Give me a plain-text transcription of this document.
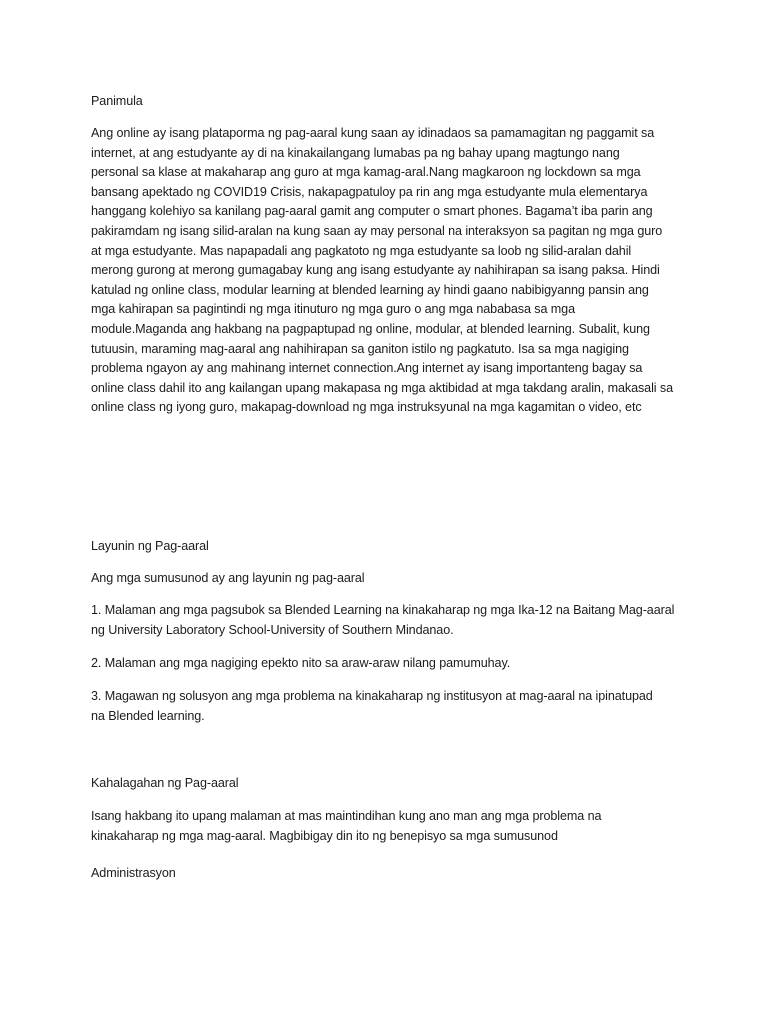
Panimula

Ang online ay isang plataporma ng pag-aaral kung saan ay idinadaos sa pamamagitan ng paggamit sa
internet, at ang estudyante ay di na kinakailangang lumabas pa ng bahay upang magtungo nang
personal sa klase at makaharap ang guro at mga kamag-aral.Nang magkaroon ng lockdown sa mga
bansang apektado ng COVID19 Crisis, nakapagpatuloy pa rin ang mga estudyante mula elementarya
hanggang kolehiyo sa kanilang pag-aaral gamit ang computer o smart phones. Bagama’t iba parin ang
pakiramdam ng isang silid-aralan na kung saan ay may personal na interaksyon sa pagitan ng mga guro
at mga estudyante. Mas napapadali ang pagkatoto ng mga estudyante sa loob ng silid-aralan dahil
merong gurong at merong gumagabay kung ang isang estudyante ay nahihirapan sa isang paksa. Hindi
katulad ng online class, modular learning at blended learning ay hindi gaano nabibigyanng pansin ang
mga kahirapan sa pagintindi ng mga itinuturo ng mga guro o ang mga nababasa sa mga
module.Maganda ang hakbang na pagpaptupad ng online, modular, at blended learning. Subalit, kung
tutuusin, maraming mag-aaral ang nahihirapan sa ganiton istilo ng pagkatuto. Isa sa mga nagiging
problema ngayon ay ang mahinang internet connection.Ang internet ay isang importanteng bagay sa
online class dahil ito ang kailangan upang makapasa ng mga aktibidad at mga takdang aralin, makasali sa
online class ng iyong guro, makapag-download ng mga instruksyunal na mga kagamitan o video, etc

Layunin ng Pag-aaral

Ang mga sumusunod ay ang layunin ng pag-aaral

1. Malaman ang mga pagsubok sa Blended Learning na kinakaharap ng mga Ika-12 na Baitang Mag-aaral
ng University Laboratory School-University of Southern Mindanao.
2. Malaman ang mga nagiging epekto nito sa araw-araw nilang pamumuhay.
3. Magawan ng solusyon ang mga problema na kinakaharap ng institusyon at mag-aaral na ipinatupad
na Blended learning.

Kahalagahan ng Pag-aaral

Isang hakbang ito upang malaman at mas maintindihan kung ano man ang mga problema na
kinakaharap ng mga mag-aaral. Magbibigay din ito ng benepisyo sa mga sumusunod

Administrasyon
